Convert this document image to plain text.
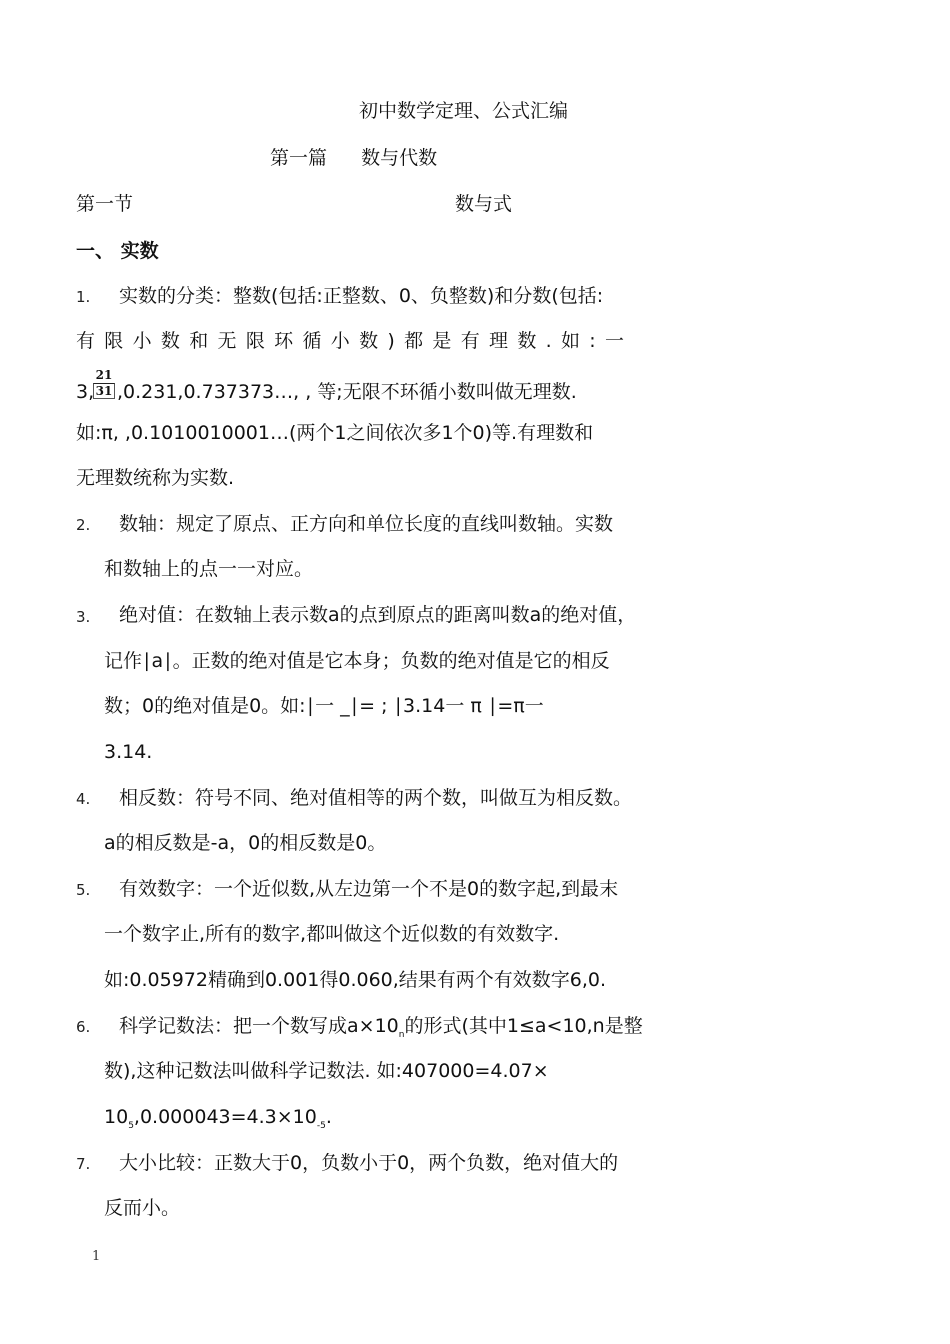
初中数学定理、公式汇编
第一篇 数与代数
第一节	数与式
一、 实数
1. 实数的分类：整数(包括:正整数、0、负整数)和分数(包括:
有限小数和无限环循小数)都是有理数.如:一
3,
$\frac{21}{31}$ ,0.231,0.737373…, , 等;无限不环循小数叫做无理数.
如:π, ,0.1010010001…(两个1之间依次多1个0)等.有理数和
无理数统称为实数.
2. 数轴：规定了原点、正方向和单位长度的直线叫数轴。实数
和数轴上的点一一对应。
3. 绝对值：在数轴上表示数a的点到原点的距离叫数a的绝对值，
记作∣a∣。正数的绝对值是它本身；负数的绝对值是它的相反
数；0的绝对值是0。如:∣一 _∣= ; ∣3.14一 π ∣=π一
3.14.
4. 相反数：符号不同、绝对值相等的两个数，叫做互为相反数。
a的相反数是-a，0的相反数是0。
5. 有效数字：一个近似数,从左边第一个不是0的数字起,到最末
一个数字止,所有的数字,都叫做这个近似数的有效数字.
如:0.05972精确到0.001得0.060,结果有两个有效数字6,0.
6. 科学记数法：把一个数写成$a\times 10_n$的形式(其中1≤a<10,n是整
数),这种记数法叫做科学记数法. 如:407000=4.07×
$10_5,0.000043=4.3\times 10_{-5}$.
7. 大小比较：正数大于0，负数小于0，两个负数，绝对值大的
反而小。
1
